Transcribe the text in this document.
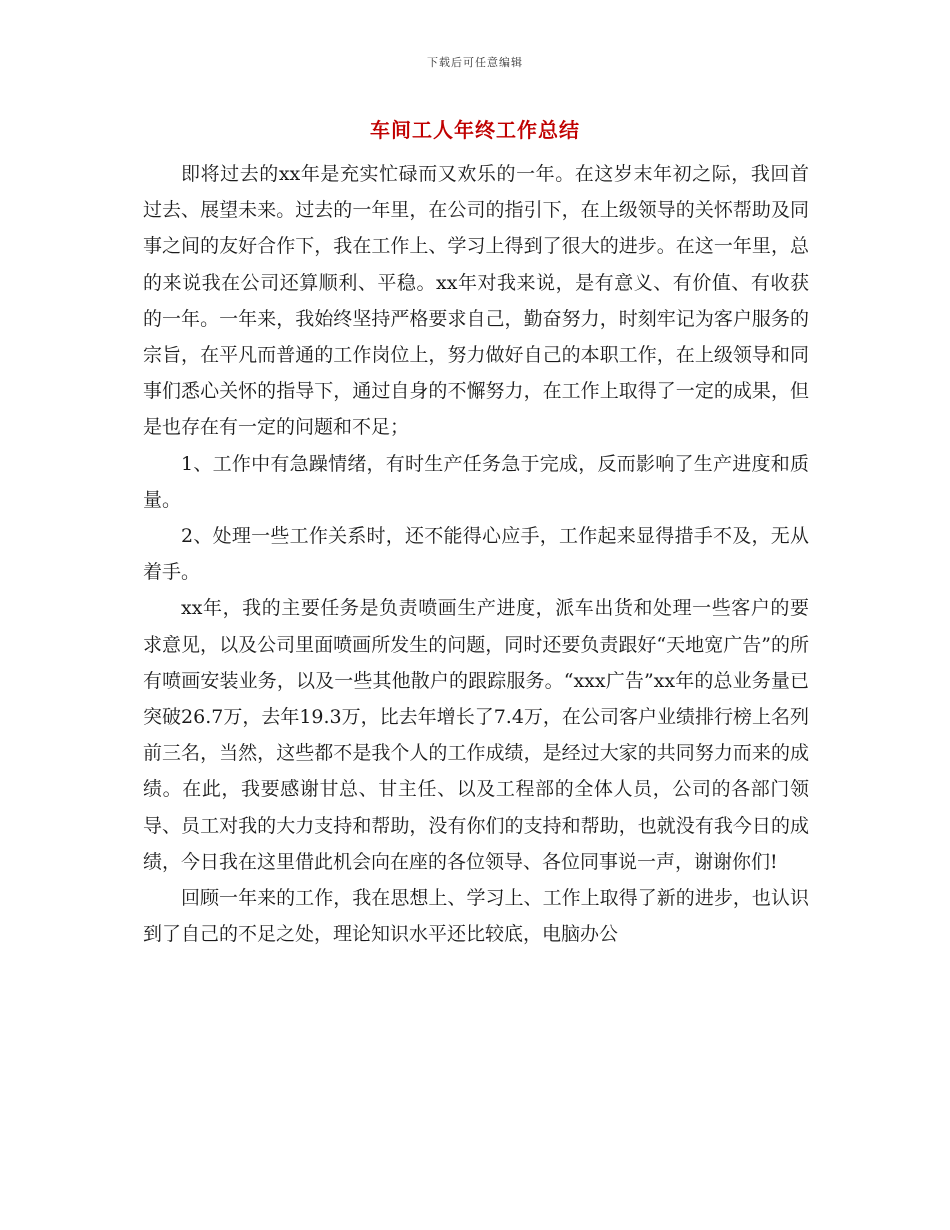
下载后可任意编辑
车间工人年终工作总结

即将过去的xx年是充实忙碌而又欢乐的一年。在这岁末年初之际，我回首过去、展望未来。过去的一年里，在公司的指引下，在上级领导的关怀帮助及同事之间的友好合作下，我在工作上、学习上得到了很大的进步。在这一年里，总的来说我在公司还算顺利、平稳。xx年对我来说，是有意义、有价值、有收获的一年。一年来，我始终坚持严格要求自己，勤奋努力，时刻牢记为客户服务的宗旨，在平凡而普通的工作岗位上，努力做好自己的本职工作，在上级领导和同事们悉心关怀的指导下，通过自身的不懈努力，在工作上取得了一定的成果，但是也存在有一定的问题和不足；

1、工作中有急躁情绪，有时生产任务急于完成，反而影响了生产进度和质量。

2、处理一些工作关系时，还不能得心应手，工作起来显得措手不及，无从着手。

xx年，我的主要任务是负责喷画生产进度，派车出货和处理一些客户的要求意见，以及公司里面喷画所发生的问题，同时还要负责跟好“天地宽广告”的所有喷画安装业务，以及一些其他散户的跟踪服务。“xxx广告”xx年的总业务量已突破26.7万，去年19.3万，比去年增长了7.4万，在公司客户业绩排行榜上名列前三名，当然，这些都不是我个人的工作成绩，是经过大家的共同努力而来的成绩。在此，我要感谢甘总、甘主任、以及工程部的全体人员，公司的各部门领导、员工对我的大力支持和帮助，没有你们的支持和帮助，也就没有我今日的成绩，今日我在这里借此机会向在座的各位领导、各位同事说一声，谢谢你们!

回顾一年来的工作，我在思想上、学习上、工作上取得了新的进步，也认识到了自己的不足之处，理论知识水平还比较底，电脑办公
